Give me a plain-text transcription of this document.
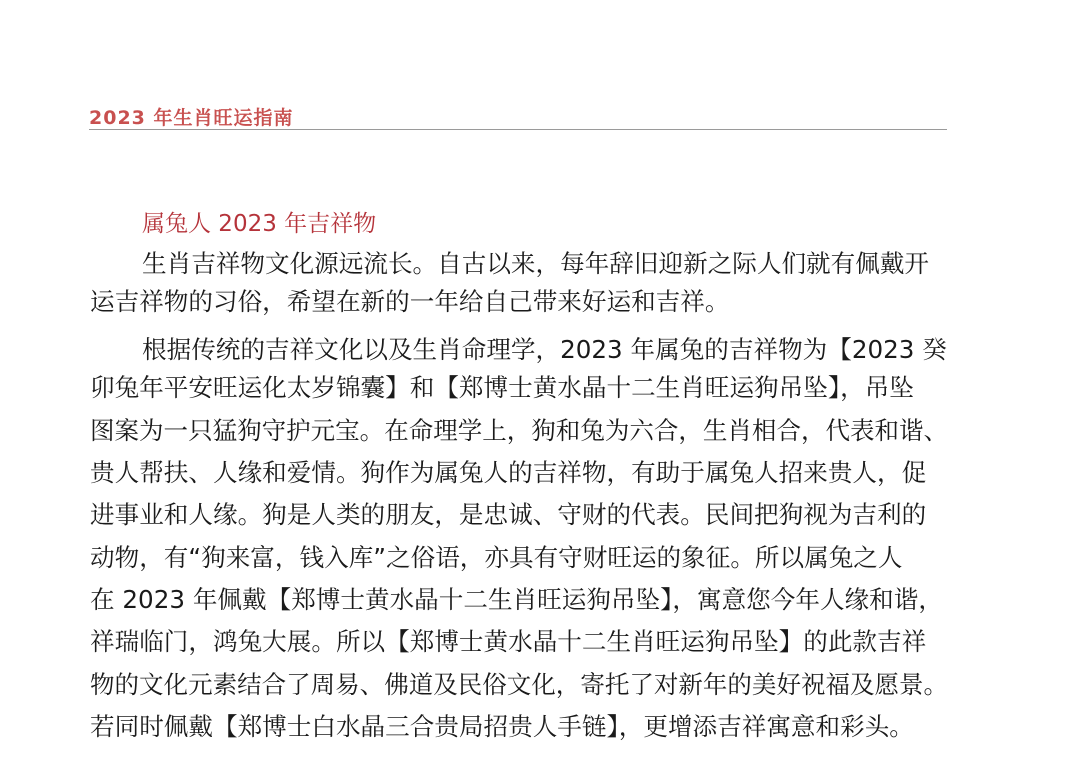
2023 年生肖旺运指南
属兔人 2023 年吉祥物
生肖吉祥物文化源远流长。自古以来，每年辞旧迎新之际人们就有佩戴开
运吉祥物的习俗，希望在新的一年给自己带来好运和吉祥。
根据传统的吉祥文化以及生肖命理学，2023 年属兔的吉祥物为【2023 癸
卯兔年平安旺运化太岁锦囊】和【郑博士黄水晶十二生肖旺运狗吊坠】，吊坠
图案为一只猛狗守护元宝。在命理学上，狗和兔为六合，生肖相合，代表和谐、
贵人帮扶、人缘和爱情。狗作为属兔人的吉祥物，有助于属兔人招来贵人，促
进事业和人缘。狗是人类的朋友，是忠诚、守财的代表。民间把狗视为吉利的
动物，有“狗来富，钱入库”之俗语，亦具有守财旺运的象征。所以属兔之人
在 2023 年佩戴【郑博士黄水晶十二生肖旺运狗吊坠】，寓意您今年人缘和谐，
祥瑞临门，鸿兔大展。所以【郑博士黄水晶十二生肖旺运狗吊坠】的此款吉祥
物的文化元素结合了周易、佛道及民俗文化，寄托了对新年的美好祝福及愿景。
若同时佩戴【郑博士白水晶三合贵局招贵人手链】，更增添吉祥寓意和彩头。
